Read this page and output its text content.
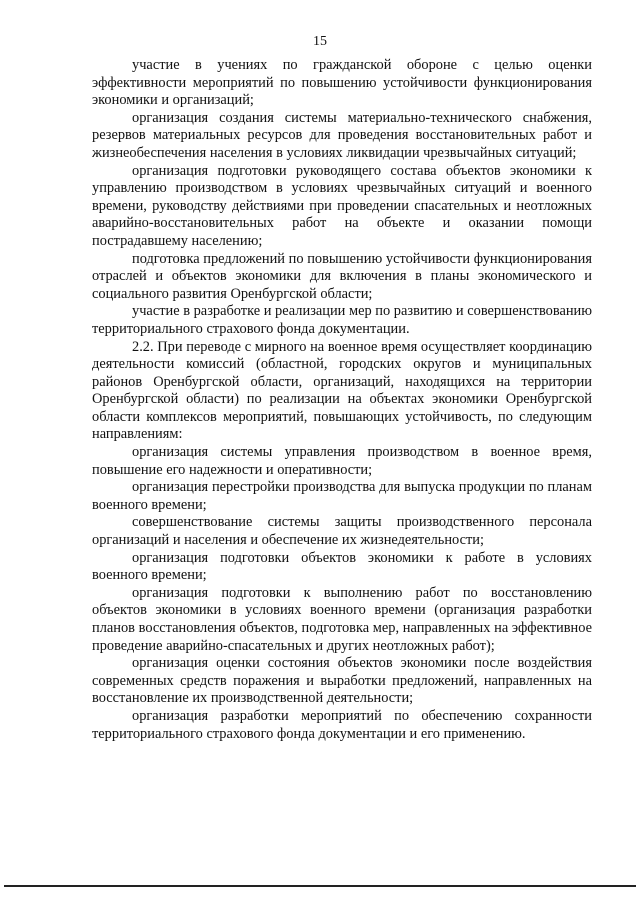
15

участие в учениях по гражданской обороне с целью оценки эффективности мероприятий по повышению устойчивости функционирования экономики и организаций;

организация создания системы материально-технического снабжения, резервов материальных ресурсов для проведения восстановительных работ и жизнеобеспечения населения в условиях ликвидации чрезвычайных ситуаций;

организация подготовки руководящего состава объектов экономики к управлению производством в условиях чрезвычайных ситуаций и военного времени, руководству действиями при проведении спасательных и неотложных аварийно-восстановительных работ на объекте и оказании помощи пострадавшему населению;

подготовка предложений по повышению устойчивости функционирования отраслей и объектов экономики для включения в планы экономического и социального развития Оренбургской области;

участие в разработке и реализации мер по развитию и совершенствованию территориального страхового фонда документации.

2.2. При переводе с мирного на военное время осуществляет координацию деятельности комиссий (областной, городских округов и муниципальных районов Оренбургской области, организаций, находящихся на территории Оренбургской области) по реализации на объектах экономики Оренбургской области комплексов мероприятий, повышающих устойчивость, по следующим направлениям:

организация системы управления производством в военное время, повышение его надежности и оперативности;

организация перестройки производства для выпуска продукции по планам военного времени;

совершенствование системы защиты производственного персонала организаций и населения и обеспечение их жизнедеятельности;

организация подготовки объектов экономики к работе в условиях военного времени;

организация подготовки к выполнению работ по восстановлению объектов экономики в условиях военного времени (организация разработки планов восстановления объектов, подготовка мер, направленных на эффективное проведение аварийно-спасательных и других неотложных работ);

организация оценки состояния объектов экономики после воздействия современных средств поражения и выработки предложений, направленных на восстановление их производственной деятельности;

организация разработки мероприятий по обеспечению сохранности территориального страхового фонда документации и его применению.
